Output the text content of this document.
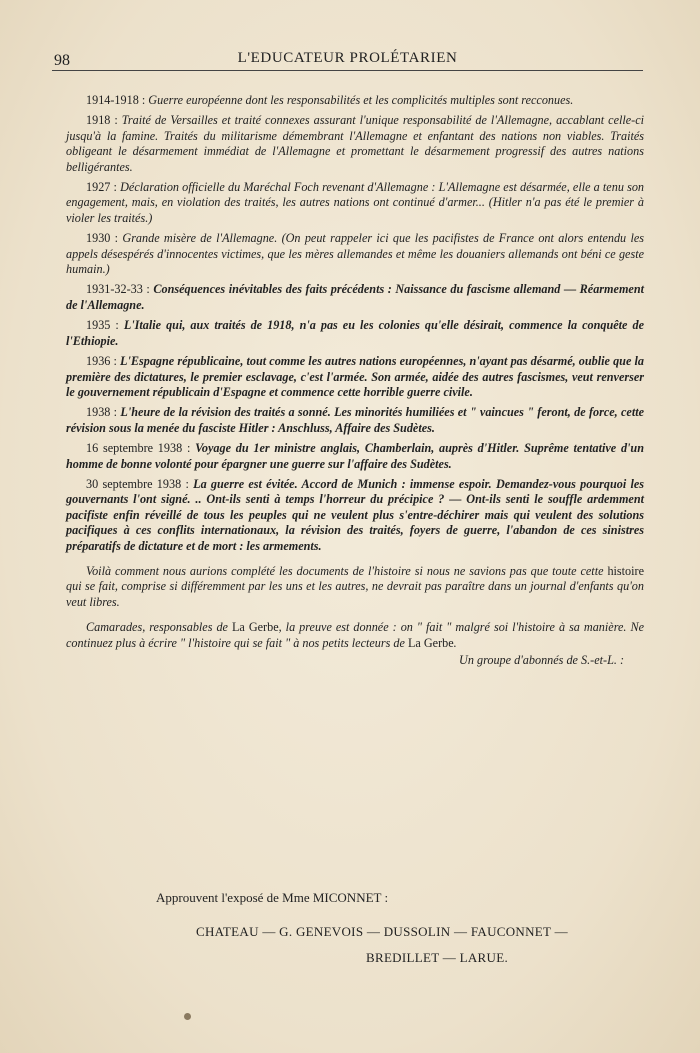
98	L'EDUCATEUR PROLÉTARIEN

1914-1918 : Guerre européenne dont les responsabilités et les complicités multiples sont recconues.

1918 : Traité de Versailles et traité connexes assurant l'unique responsabilité de l'Allemagne, accablant celle-ci jusqu'à la famine. Traités du militarisme démembrant l'Allemagne et enfantant des nations non viables. Traités obligeant le désarmement immédiat de l'Allemagne et promettant le désarmement progressif des autres nations belligérantes.

1927 : Déclaration officielle du Maréchal Foch revenant d'Allemagne : L'Allemagne est désarmée, elle a tenu son engagement, mais, en violation des traités, les autres nations ont continué d'armer... (Hitler n'a pas été le premier à violer les traités.)

1930 : Grande misère de l'Allemagne. (On peut rappeler ici que les pacifistes de France ont alors entendu les appels désespérés d'innocentes victimes, que les mères allemandes et même les douaniers allemands ont béni ce geste humain.)

1931-32-33 : Conséquences inévitables des faits précédents : Naissance du fascisme allemand — Réarmement de l'Allemagne.

1935 : L'Italie qui, aux traités de 1918, n'a pas eu les colonies qu'elle désirait, commence la conquête de l'Ethiopie.

1936 : L'Espagne républicaine, tout comme les autres nations européennes, n'ayant pas désarmé, oublie que la première des dictatures, le premier esclavage, c'est l'armée. Son armée, aidée des autres fascismes, veut renverser le gouvernement républicain d'Espagne et commence cette horrible guerre civile.

1938 : L'heure de la révision des traités a sonné. Les minorités humiliées et " vaincues " feront, de force, cette révision sous la menée du fasciste Hitler : Anschluss, Affaire des Sudètes.

16 septembre 1938 : Voyage du 1er ministre anglais, Chamberlain, auprès d'Hitler. Suprême tentative d'un homme de bonne volonté pour épargner une guerre sur l'affaire des Sudètes.

30 septembre 1938 : La guerre est évitée. Accord de Munich : immense espoir. Demandez-vous pourquoi les gouvernants l'ont signé. .. Ont-ils senti à temps l'horreur du précipice ? — Ont-ils senti le souffle ardemment pacifiste enfin réveillé de tous les peuples qui ne veulent plus s'entre-déchirer mais qui veulent des solutions pacifiques à ces conflits internationaux, la révision des traités, foyers de guerre, l'abandon de ces sinistres préparatifs de dictature et de mort : les armements.

Voilà comment nous aurions complété les documents de l'histoire si nous ne savions pas que toute cette histoire qui se fait, comprise si différemment par les uns et les autres, ne devrait pas paraître dans un journal d'enfants qu'on veut libres.

Camarades, responsables de La Gerbe, la preuve est donnée : on " fait " malgré soi l'histoire à sa manière. Ne continuez plus à écrire " l'histoire qui se fait " à nos petits lecteurs de La Gerbe.

Un groupe d'abonnés de S.-et-L. :

Approuvent l'exposé de Mme MICONNET :
CHATEAU — G. GENEVOIS — DUSSOLIN — FAUCONNET —
BREDILLET — LARUE.
